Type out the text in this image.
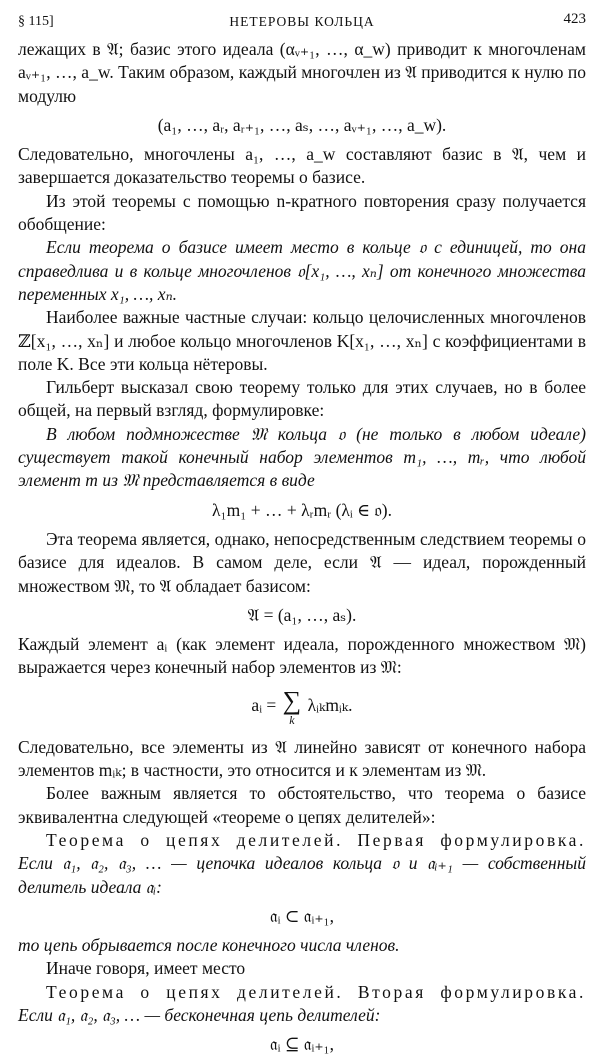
§ 115]	НЕТЕРОВЫ КОЛЬЦА	423

лежащих в 𝔄; базис этого идеала (αᵥ₊₁, …, α_w) приводит к многочленам aᵥ₊₁, …, a_w. Таким образом, каждый многочлен из 𝔄 приводится к нулю по модулю

(a₁, …, aᵣ, aᵣ₊₁, …, aₛ, …, aᵥ₊₁, …, a_w).

Следовательно, многочлены a₁, …, a_w составляют базис в 𝔄, чем и завершается доказательство теоремы о базисе.

Из этой теоремы с помощью n-кратного повторения сразу получается обобщение:

Если теорема о базисе имеет место в кольце 𝔬 с единицей, то она справедлива и в кольце многочленов 𝔬[x₁, …, xₙ] от конечного множества переменных x₁, …, xₙ.

Наиболее важные частные случаи: кольцо целочисленных многочленов ℤ[x₁, …, xₙ] и любое кольцо многочленов K[x₁, …, xₙ] с коэффициентами в поле K. Все эти кольца нётеровы.

Гильберт высказал свою теорему только для этих случаев, но в более общей, на первый взгляд, формулировке:

В любом подмножестве 𝔐 кольца 𝔬 (не только в любом идеале) существует такой конечный набор элементов m₁, …, mᵣ, что любой элемент m из 𝔐 представляется в виде

λ₁m₁ + … + λᵣmᵣ (λᵢ ∈ 𝔬).

Эта теорема является, однако, непосредственным следствием теоремы о базисе для идеалов. В самом деле, если 𝔄 — идеал, порожденный множеством 𝔐, то 𝔄 обладает базисом:

𝔄 = (a₁, …, aₛ).

Каждый элемент aᵢ (как элемент идеала, порожденного множеством 𝔐) выражается через конечный набор элементов из 𝔐:

aᵢ = ∑
k
λᵢₖmᵢₖ.

Следовательно, все элементы из 𝔄 линейно зависят от конечного набора элементов mᵢₖ; в частности, это относится и к элементам из 𝔐.

Более важным является то обстоятельство, что теорема о базисе эквивалентна следующей «теореме о цепях делителей»:

Теорема о цепях делителей. Первая формулировка. Если 𝔞₁, 𝔞₂, 𝔞₃, … — цепочка идеалов кольца 𝔬 и 𝔞ᵢ₊₁ — собственный делитель идеала 𝔞ᵢ:

𝔞ᵢ ⊂ 𝔞ᵢ₊₁,

то цепь обрывается после конечного числа членов.

Иначе говоря, имеет место

Теорема о цепях делителей. Вторая формулировка. Если 𝔞₁, 𝔞₂, 𝔞₃, … — бесконечная цепь делителей:

𝔞ᵢ ⊆ 𝔞ᵢ₊₁,
